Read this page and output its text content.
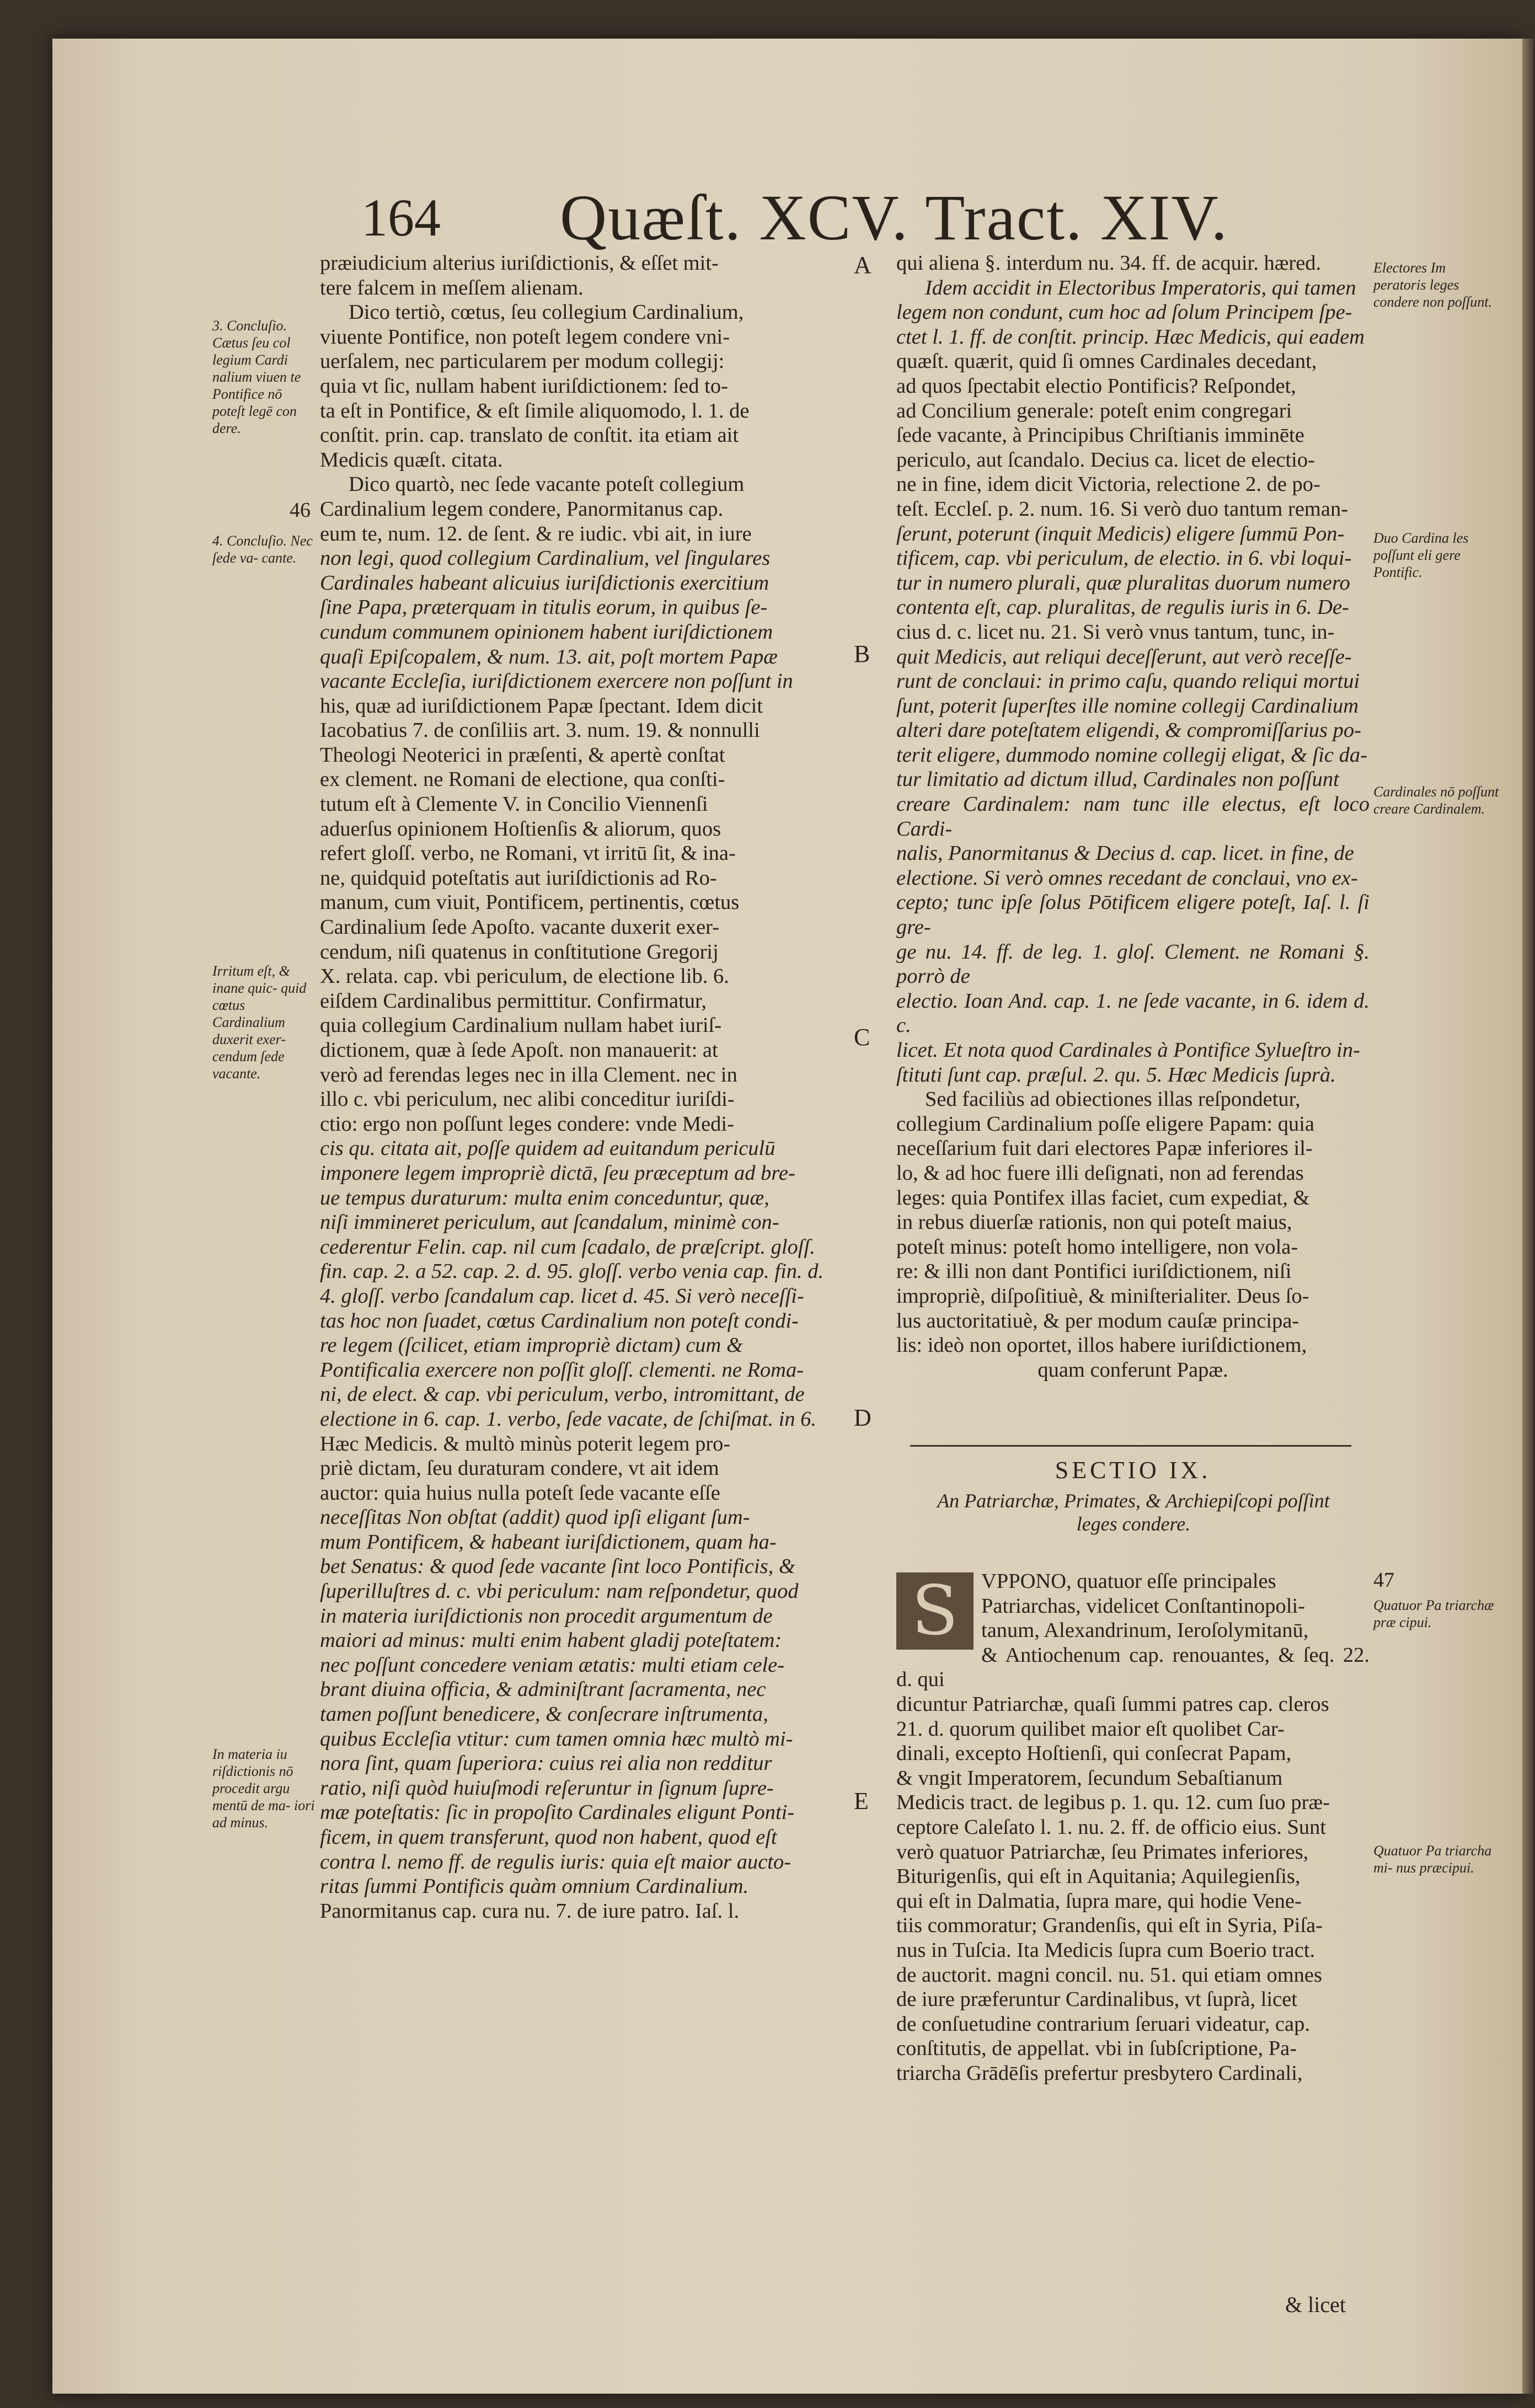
164 Quæſt. XCV. Tract. XIV.

præiudicium alterius iuriſdictionis, & eſſet mit-

tere falcem in meſſem alienam.

Dico tertiò, cœtus, ſeu collegium Cardinalium,

viuente Pontifice, non poteſt legem condere vni-

uerſalem, nec particularem per modum collegij:

quia vt ſic, nullam habent iuriſdictionem: ſed to-

ta eſt in Pontifice, & eſt ſimile aliquomodo, l. 1. de

conſtit. prin. cap. translato de conſtit. ita etiam ait

Medicis quæſt. citata.

Dico quartò, nec ſede vacante poteſt collegium

Cardinalium legem condere, Panormitanus cap.

eum te, num. 12. de ſent. & re iudic. vbi ait, in iure

non legi, quod collegium Cardinalium, vel ſingulares

Cardinales habeant alicuius iuriſdictionis exercitium

ſine Papa, præterquam in titulis eorum, in quibus ſe-

cundum communem opinionem habent iuriſdictionem

quaſi Epiſcopalem, & num. 13. ait, poſt mortem Papæ

vacante Eccleſia, iuriſdictionem exercere non poſſunt in

his, quæ ad iuriſdictionem Papæ ſpectant. Idem dicit

Iacobatius 7. de conſiliis art. 3. num. 19. & nonnulli

Theologi Neoterici in præſenti, & apertè conſtat

ex clement. ne Romani de electione, qua conſti-

tutum eſt à Clemente V. in Concilio Viennenſi

aduerſus opinionem Hoſtienſis & aliorum, quos

refert gloſſ. verbo, ne Romani, vt irritū ſit, & ina-

ne, quidquid poteſtatis aut iuriſdictionis ad Ro-

manum, cum viuit, Pontificem, pertinentis, cœtus

Cardinalium ſede Apoſto. vacante duxerit exer-

cendum, niſi quatenus in conſtitutione Gregorij

X. relata. cap. vbi periculum, de electione lib. 6.

eiſdem Cardinalibus permittitur. Confirmatur,

quia collegium Cardinalium nullam habet iuriſ-

dictionem, quæ à ſede Apoſt. non manauerit: at

verò ad ferendas leges nec in illa Clement. nec in

illo c. vbi periculum, nec alibi conceditur iuriſdi-

ctio: ergo non poſſunt leges condere: vnde Medi-

cis qu. citata ait, poſſe quidem ad euitandum periculū

imponere legem impropriè dictā, ſeu præceptum ad bre-

ue tempus duraturum: multa enim conceduntur, quæ,

niſi immineret periculum, aut ſcandalum, minimè con-

cederentur Felin. cap. nil cum ſcadalo, de præſcript. gloſſ.

fin. cap. 2. a 52. cap. 2. d. 95. gloſſ. verbo venia cap. fin. d.

4. gloſſ. verbo ſcandalum cap. licet d. 45. Si verò neceſſi-

tas hoc non ſuadet, cœtus Cardinalium non poteſt condi-

re legem (ſcilicet, etiam impropriè dictam) cum &

Pontificalia exercere non poſſit gloſſ. clementi. ne Roma-

ni, de elect. & cap. vbi periculum, verbo, intromittant, de

electione in 6. cap. 1. verbo, ſede vacate, de ſchiſmat. in 6.

Hæc Medicis. & multò minùs poterit legem pro-

priè dictam, ſeu duraturam condere, vt ait idem

auctor: quia huius nulla poteſt ſede vacante eſſe

neceſſitas Non obſtat (addit) quod ipſi eligant ſum-

mum Pontificem, & habeant iuriſdictionem, quam ha-

bet Senatus: & quod ſede vacante ſint loco Pontificis, &

ſuperilluſtres d. c. vbi periculum: nam reſpondetur, quod

in materia iuriſdictionis non procedit argumentum de

maiori ad minus: multi enim habent gladij poteſtatem:

nec poſſunt concedere veniam ætatis: multi etiam cele-

brant diuina officia, & adminiſtrant ſacramenta, nec

tamen poſſunt benedicere, & conſecrare inſtrumenta,

quibus Eccleſia vtitur: cum tamen omnia hæc multò mi-

nora ſint, quam ſuperiora: cuius rei alia non redditur

ratio, niſi quòd huiuſmodi reſeruntur in ſignum ſupre-

mæ poteſtatis: ſic in propoſito Cardinales eligunt Ponti-

ficem, in quem transferunt, quod non habent, quod eſt

contra l. nemo ff. de regulis iuris: quia eſt maior aucto-

ritas ſummi Pontificis quàm omnium Cardinalium.

Panormitanus cap. cura nu. 7. de iure patro. Iaſ. l.

3. Concluſio. Cætus ſeu col legium Cardi nalium viuen te Pontifice nō poteſt legē con dere.
46
4. Concluſio. Nec ſede va- cante.
Irritum eſt, & inane quic- quid cœtus Cardinalium duxerit exer- cendum ſede vacante.
In materia iu riſdictionis nō procedit argu mentū de ma- iori ad minus.
A
B
C
D
E

qui aliena §. interdum nu. 34. ff. de acquir. hæred.

Idem accidit in Electoribus Imperatoris, qui tamen

legem non condunt, cum hoc ad ſolum Principem ſpe-

ctet l. 1. ff. de conſtit. princip. Hæc Medicis, qui eadem

quæſt. quærit, quid ſi omnes Cardinales decedant,

ad quos ſpectabit electio Pontificis? Reſpondet,

ad Concilium generale: poteſt enim congregari

ſede vacante, à Principibus Chriſtianis imminēte

periculo, aut ſcandalo. Decius ca. licet de electio-

ne in fine, idem dicit Victoria, relectione 2. de po-

teſt. Eccleſ. p. 2. num. 16. Si verò duo tantum reman-

ſerunt, poterunt (inquit Medicis) eligere ſummū Pon-

tificem, cap. vbi periculum, de electio. in 6. vbi loqui-

tur in numero plurali, quæ pluralitas duorum numero

contenta eſt, cap. pluralitas, de regulis iuris in 6. De-

cius d. c. licet nu. 21. Si verò vnus tantum, tunc, in-

quit Medicis, aut reliqui deceſſerunt, aut verò receſſe-

runt de conclaui: in primo caſu, quando reliqui mortui

ſunt, poterit ſuperſtes ille nomine collegij Cardinalium

alteri dare poteſtatem eligendi, & compromiſſarius po-

terit eligere, dummodo nomine collegij eligat, & ſic da-

tur limitatio ad dictum illud, Cardinales non poſſunt

creare Cardinalem: nam tunc ille electus, eſt loco Cardi-

nalis, Panormitanus & Decius d. cap. licet. in fine, de

electione. Si verò omnes recedant de conclaui, vno ex-

cepto; tunc ipſe ſolus Pōtificem eligere poteſt, Iaſ. l. ſi gre-

ge nu. 14. ff. de leg. 1. gloſ. Clement. ne Romani §. porrò de

electio. Ioan And. cap. 1. ne ſede vacante, in 6. idem d. c.

licet. Et nota quod Cardinales à Pontifice Sylueſtro in-

ſtituti ſunt cap. præſul. 2. qu. 5. Hæc Medicis ſuprà.

Sed faciliùs ad obiectiones illas reſpondetur,

collegium Cardinalium poſſe eligere Papam: quia

neceſſarium fuit dari electores Papæ inferiores il-

lo, & ad hoc fuere illi deſignati, non ad ferendas

leges: quia Pontifex illas faciet, cum expediat, &

in rebus diuerſæ rationis, non qui poteſt maius,

poteſt minus: poteſt homo intelligere, non vola-

re: & illi non dant Pontifici iuriſdictionem, niſi

impropriè, diſpoſitiuè, & miniſterialiter. Deus ſo-

lus auctoritatiuè, & per modum cauſæ principa-

lis: ideò non oportet, illos habere iuriſdictionem,

quam conferunt Papæ.

Electores Im peratoris leges condere non poſſunt.
Duo Cardina les poſſunt eli gere Pontific.
Cardinales nō poſſunt creare Cardinalem.
47
Quatuor Pa triarchæ præ cipui.
Quatuor Pa triarcha mi- nus præcipui.
SECTIO IX.
An Patriarchæ, Primates, & Archiepiſcopi poſſint leges condere.
S	VPPONO, quatuor eſſe principales
Patriarchas, videlicet Conſtantinopoli-
tanum, Alexandrinum, Ieroſolymitanū,
& Antiochenum cap. renouantes, & ſeq. 22. d. qui
dicuntur Patriarchæ, quaſi ſummi patres cap. cleros
21. d. quorum quilibet maior eſt quolibet Car-
dinali, excepto Hoſtienſi, qui conſecrat Papam,
& vngit Imperatorem, ſecundum Sebaſtianum
Medicis tract. de legibus p. 1. qu. 12. cum ſuo præ-
ceptore Caleſato l. 1. nu. 2. ff. de officio eius. Sunt
verò quatuor Patriarchæ, ſeu Primates inferiores,
Biturigenſis, qui eſt in Aquitania; Aquilegienſis,
qui eſt in Dalmatia, ſupra mare, qui hodie Vene-
tiis commoratur; Grandenſis, qui eſt in Syria, Piſa-
nus in Tuſcia. Ita Medicis ſupra cum Boerio tract.
de auctorit. magni concil. nu. 51. qui etiam omnes
de iure præferuntur Cardinalibus, vt ſuprà, licet
de conſuetudine contrarium ſeruari videatur, cap.
conſtitutis, de appellat. vbi in ſubſcriptione, Pa-
triarcha Grādēſis prefertur presbytero Cardinali,
& licet
